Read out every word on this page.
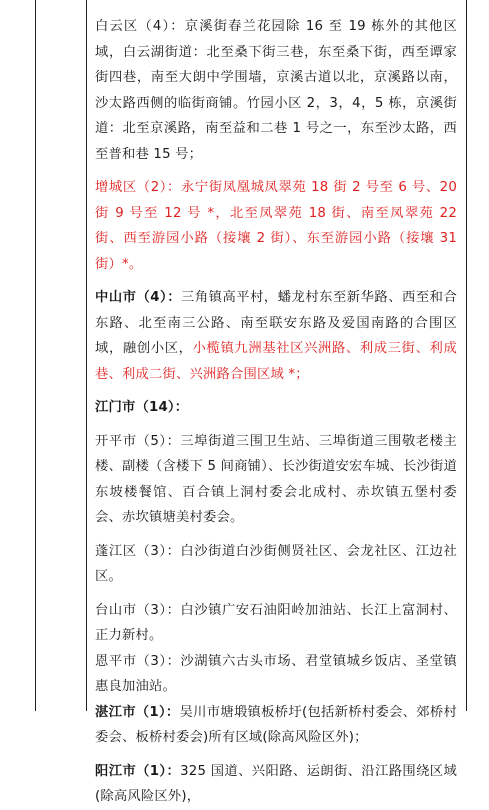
白云区（4）：京溪街春兰花园除 16 至 19 栋外的其他区域，白云湖街道：北至桑下街三巷，东至桑下街，西至谭家街四巷，南至大朗中学围墙，京溪古道以北，京溪路以南，沙太路西侧的临街商铺。竹园小区 2，3，4，5 栋，京溪街道：北至京溪路，南至益和二巷 1 号之一，东至沙太路，西至普和巷 15 号；

增城区（2）：永宁街凤凰城凤翠苑 18 街 2 号至 6 号、20 街 9 号至 12 号 *，北至凤翠苑 18 街、南至凤翠苑 22 街、西至游园小路（接壤 2 街）、东至游园小路（接壤 31 街）*。

中山市（4）：三角镇高平村，蟠龙村东至新华路、西至和合东路、北至南三公路、南至联安东路及爱国南路的合围区域，融创小区，小榄镇九洲基社区兴洲路、利成三街、利成巷、利成二街、兴洲路合围区域 *；

江门市（14）：

开平市（5）：三埠街道三围卫生站、三埠街道三围敬老楼主楼、副楼（含楼下 5 间商铺）、长沙街道安宏车城、长沙街道东坡楼餐馆、百合镇上洞村委会北成村、赤坎镇五堡村委会、赤坎镇塘美村委会。

蓬江区（3）：白沙街道白沙街侧贤社区、会龙社区、江边社区。

台山市（3）：白沙镇广安石油阳岭加油站、长江上富洞村、正力新村。

恩平市（3）：沙湖镇六古头市场、君堂镇城乡饭店、圣堂镇惠良加油站。

湛江市（1）：吴川市塘塅镇板桥圩(包括新桥村委会、郊桥村委会、板桥村委会)所有区域(除高风险区外)；

阳江市（1）：325 国道、兴阳路、运朗街、沿江路围绕区域(除高风险区外)，
